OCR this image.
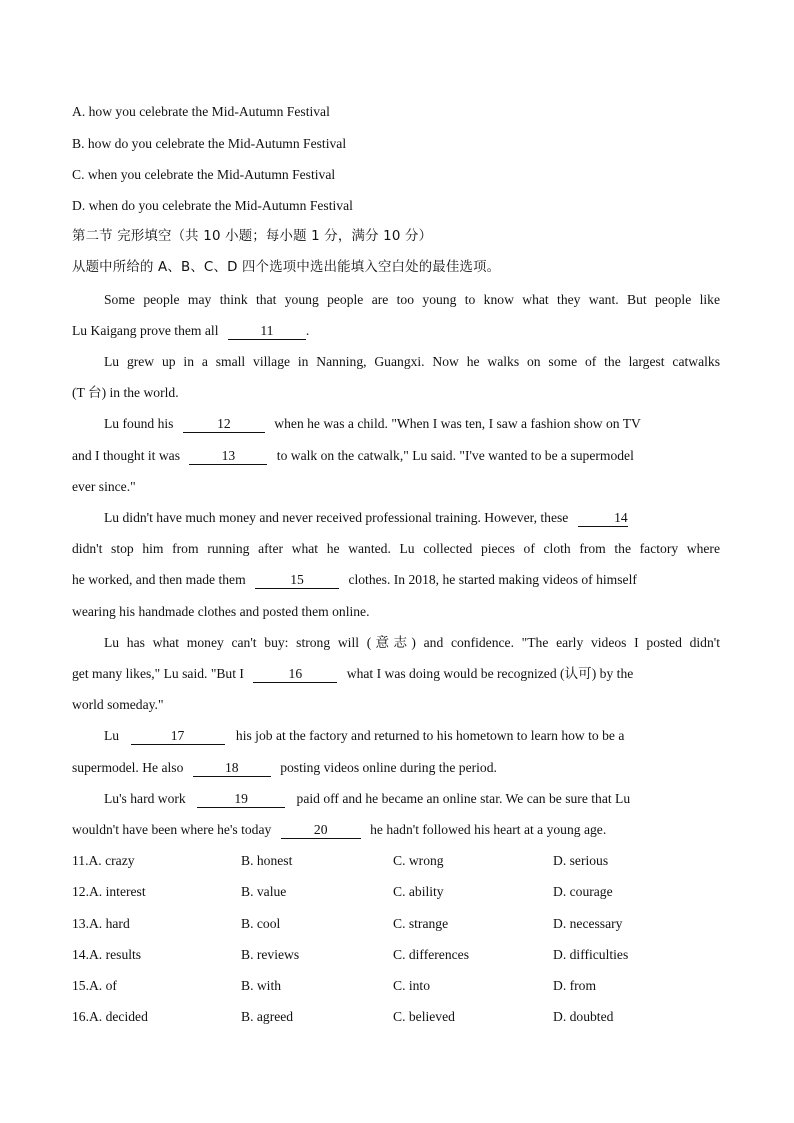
A. how you celebrate the Mid-Autumn Festival
B. how do you celebrate the Mid-Autumn Festival
C. when you celebrate the Mid-Autumn Festival
D. when do you celebrate the Mid-Autumn Festival
第二节 完形填空（共 10 小题；每小题 1 分，满分 10 分）
从题中所给的 A、B、C、D 四个选项中选出能填入空白处的最佳选项。
Some people may think that young people are too young to know what they want. But people like
Lu Kaigang prove them all	11 .
Lu grew up in a small village in Nanning, Guangxi. Now he walks on some of the largest catwalks
(T 台) in the world.
Lu found his	12	when he was a child. "When I was ten, I saw a fashion show on TV
and I thought it was	13	to walk on the catwalk," Lu said. "I've wanted to be a supermodel
ever since."
Lu didn't have much money and never received professional training. However, these	14
didn't stop him from running after what he wanted. Lu collected pieces of cloth from the factory where
he worked, and then made them	15	clothes. In 2018, he started making videos of himself
wearing his handmade clothes and posted them online.
Lu has what money can't buy: strong will (意志) and confidence. "The early videos I posted didn't
get many likes," Lu said. "But I	16	what I was doing would be recognized (认可) by the
world someday."
Lu	17	his job at the factory and returned to his hometown to learn how to be a
supermodel. He also	18	posting videos online during the period.
Lu's hard work	19	paid off and he became an online star. We can be sure that Lu
wouldn't have been where he's today	20	he hadn't followed his heart at a young age.
11.A. crazy	B. honest	C. wrong	D. serious
12.A. interest	B. value	C. ability	D. courage
13.A. hard	B. cool	C. strange	D. necessary
14.A. results	B. reviews	C. differences	D. difficulties
15.A. of	B. with	C. into	D. from
16.A. decided	B. agreed	C. believed	D. doubted
